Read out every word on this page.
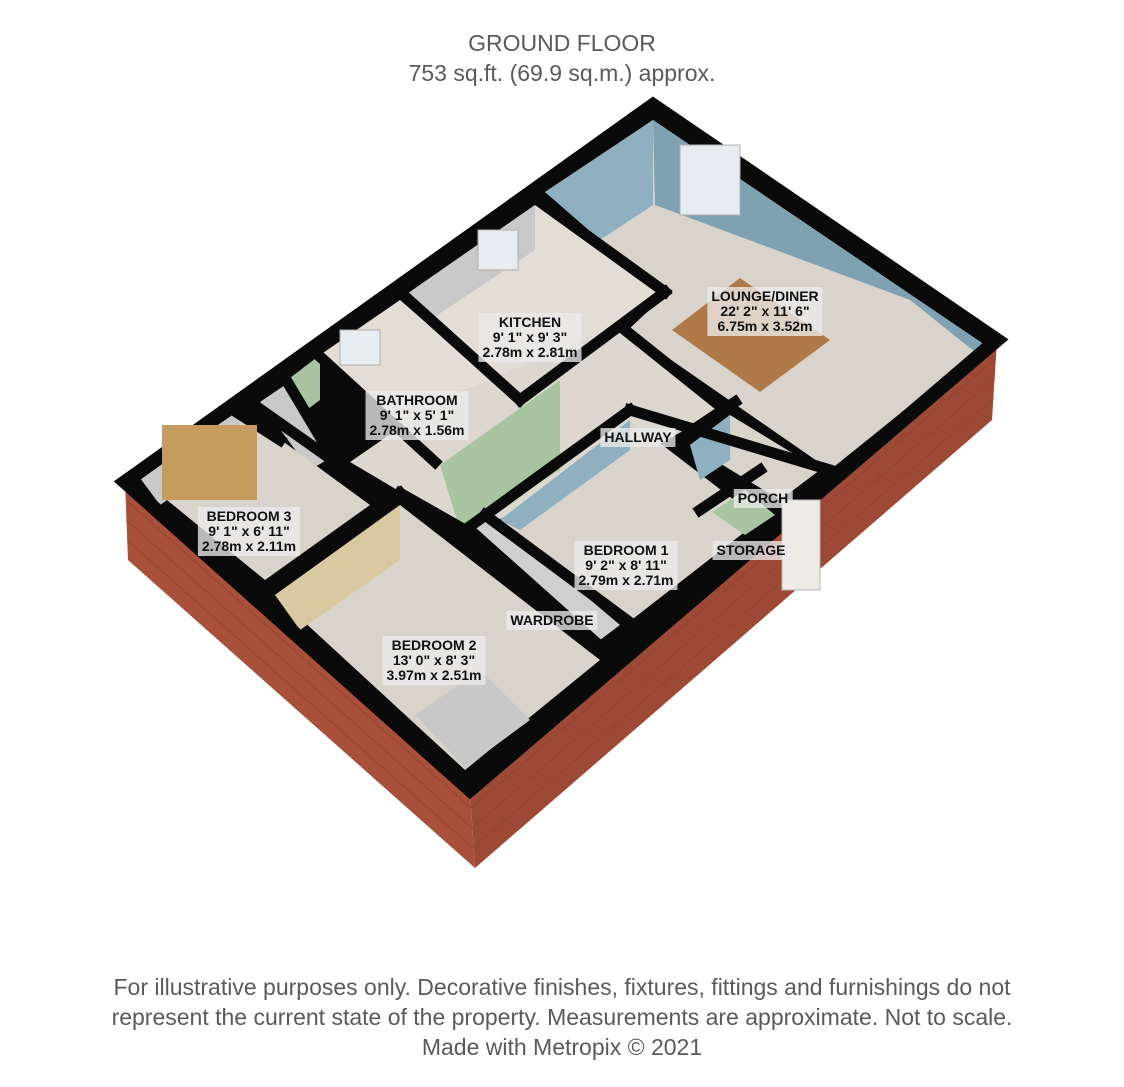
GROUND FLOOR
753 sq.ft. (69.9 sq.m.) approx.
LOUNGE/DINER
22' 2" x 11' 6"
6.75m x 3.52m
KITCHEN
9' 1" x 9' 3"
2.78m x 2.81m
BATHROOM
9' 1" x 5' 1"
2.78m x 1.56m
BEDROOM 3
9' 1" x 6' 11"
2.78m x 2.11m	BEDROOM 1
9' 2" x 8' 11"
2.79m x 2.71m
BEDROOM 2
13' 0" x 8' 3"
3.97m x 2.51m
HALLWAY
PORCH
STORAGE
WARDROBE
For illustrative purposes only. Decorative finishes, fixtures, fittings and furnishings do not
represent the current state of the property. Measurements are approximate. Not to scale.
Made with Metropix © 2021
